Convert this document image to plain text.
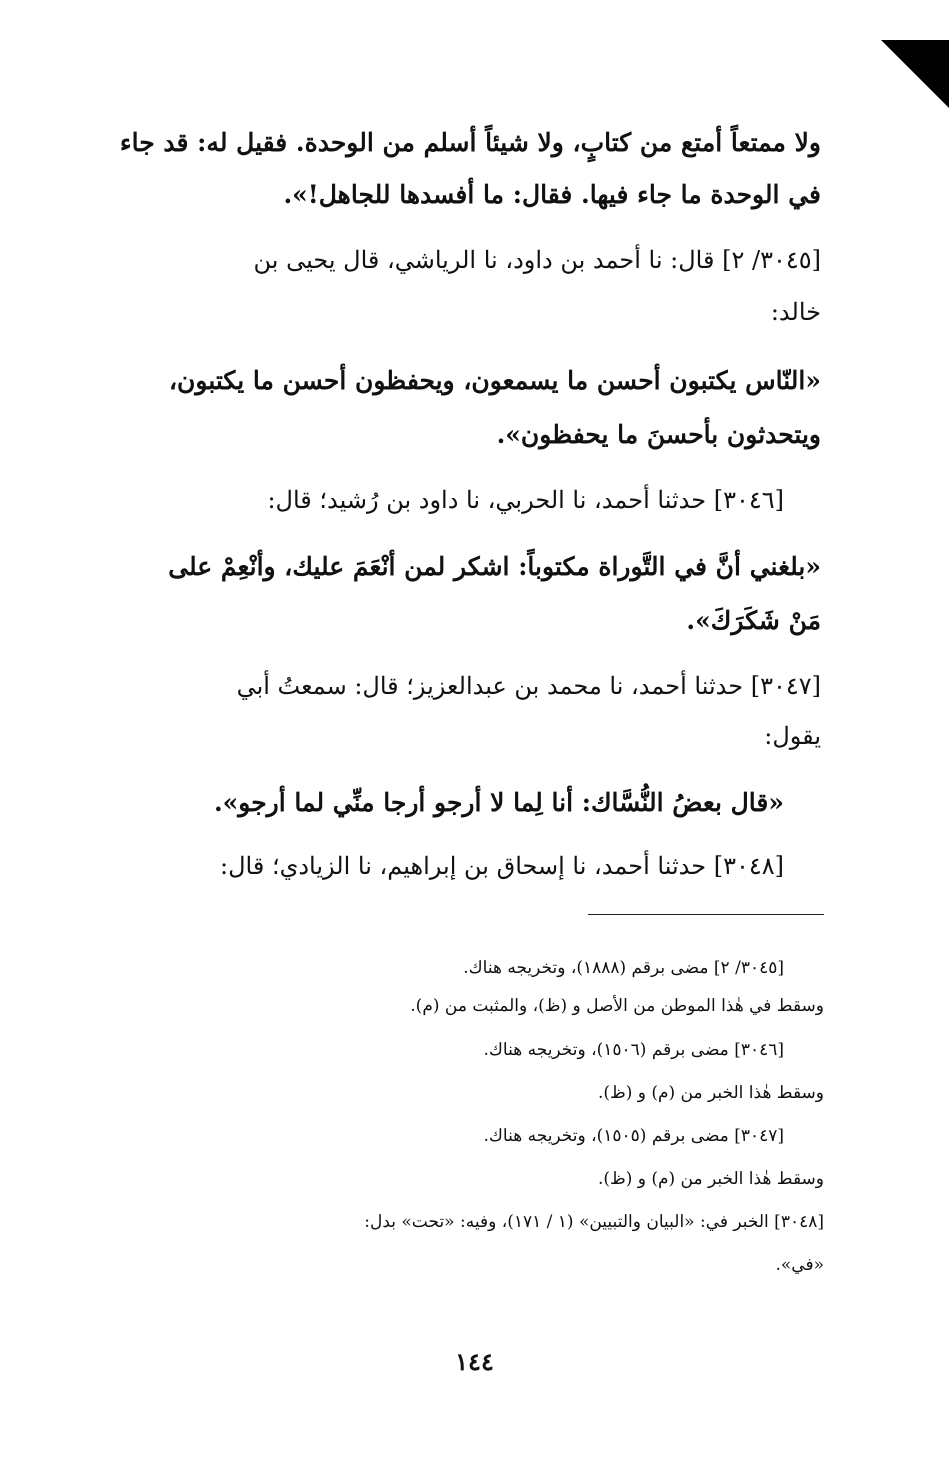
ولا ممتعاً أمتع من كتابٍ، ولا شيئاً أسلم من الوحدة. فقيل له: قد جاء

في الوحدة ما جاء فيها. فقال: ما أفسدها للجاهل!».

[٣٠٤٥/ ٢] قال: نا أحمد بن داود، نا الرياشي، قال يحيى بن

خالد:

«النّاس يكتبون أحسن ما يسمعون، ويحفظون أحسن ما يكتبون،

ويتحدثون بأحسنَ ما يحفظون».

[٣٠٤٦] حدثنا أحمد، نا الحربي، نا داود بن رُشيد؛ قال:

«بلغني أنَّ في التَّوراة مكتوباً: اشكر لمن أنْعَمَ عليك، وأنْعِمْ على

مَنْ شَكَرَكَ».

[٣٠٤٧] حدثنا أحمد، نا محمد بن عبدالعزيز؛ قال: سمعتُ أبي

يقول:

«قال بعضُ النُّسَّاك: أنا لِما لا أرجو أرجا منِّي لما أرجو».

[٣٠٤٨] حدثنا أحمد، نا إسحاق بن إبراهيم، نا الزيادي؛ قال:

[٣٠٤٥/ ٢] مضى برقم (١٨٨٨)، وتخريجه هناك.

وسقط في هٰذا الموطن من الأصل و (ظ)، والمثبت من (م).

[٣٠٤٦] مضى برقم (١٥٠٦)، وتخريجه هناك.

وسقط هٰذا الخبر من (م) و (ظ).

[٣٠٤٧] مضى برقم (١٥٠٥)، وتخريجه هناك.

وسقط هٰذا الخبر من (م) و (ظ).

[٣٠٤٨] الخبر في: «البيان والتبيين» (١ / ١٧١)، وفيه: «تحت» بدل:

«في».

١٤٤
